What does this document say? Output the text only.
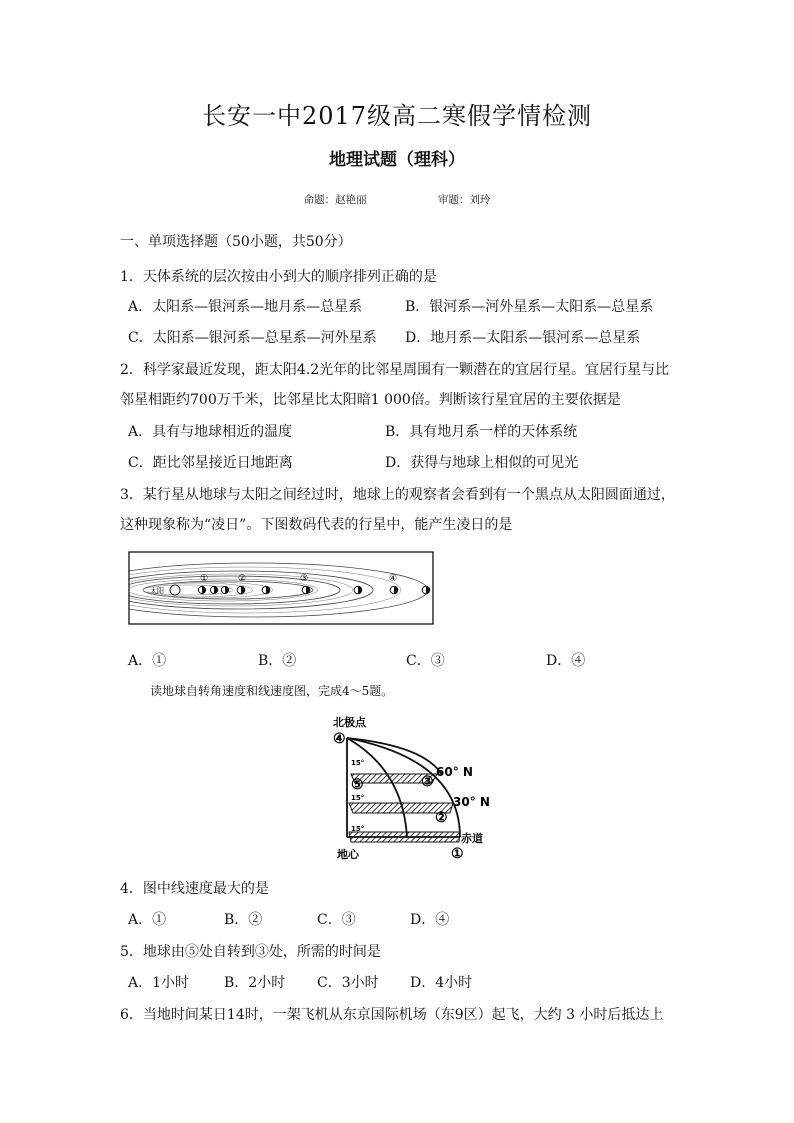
长安一中2017级高二寒假学情检测
地理试题（理科）
命题：赵艳丽	审题：刘玲
一、单项选择题（50小题，共50分）
1．天体系统的层次按由小到大的顺序排列正确的是
A．太阳系—银河系—地月系—总星系	B．银河系—河外星系—太阳系—总星系
C．太阳系—银河系—总星系—河外星系 D．地月系—太阳系—银河系—总星系
2．科学家最近发现，距太阳4.2光年的比邻星周围有一颗潜在的宜居行星。宜居行星与比
邻星相距约700万千米，比邻星比太阳暗1 000倍。判断该行星宜居的主要依据是
A．具有与地球相近的温度	B．具有地月系一样的天体系统
C．距比邻星接近日地距离	D．获得与地球上相似的可见光
3．某行星从地球与太阳之间经过时，地球上的观察者会看到有一个黑点从太阳圆面通过，
这种现象称为“凌日”。下图数码代表的行星中，能产生凌日的是
太阳
①	②	③	④
A．①	B．②	C．③	D．④
读地球自转角速度和线速度图，完成4～5题。
15°
15°
15°
北极点
地心
赤道
60° N
30° N
④
③
⑤
②
①
4．图中线速度最大的是
A．①	B．②	C．③	D．④
5．地球由⑤处自转到③处，所需的时间是
A．1小时 B．2小时 C．3小时 D．4小时
6．当地时间某日14时，一架飞机从东京国际机场（东9区）起飞，大约 3 小时后抵达上
